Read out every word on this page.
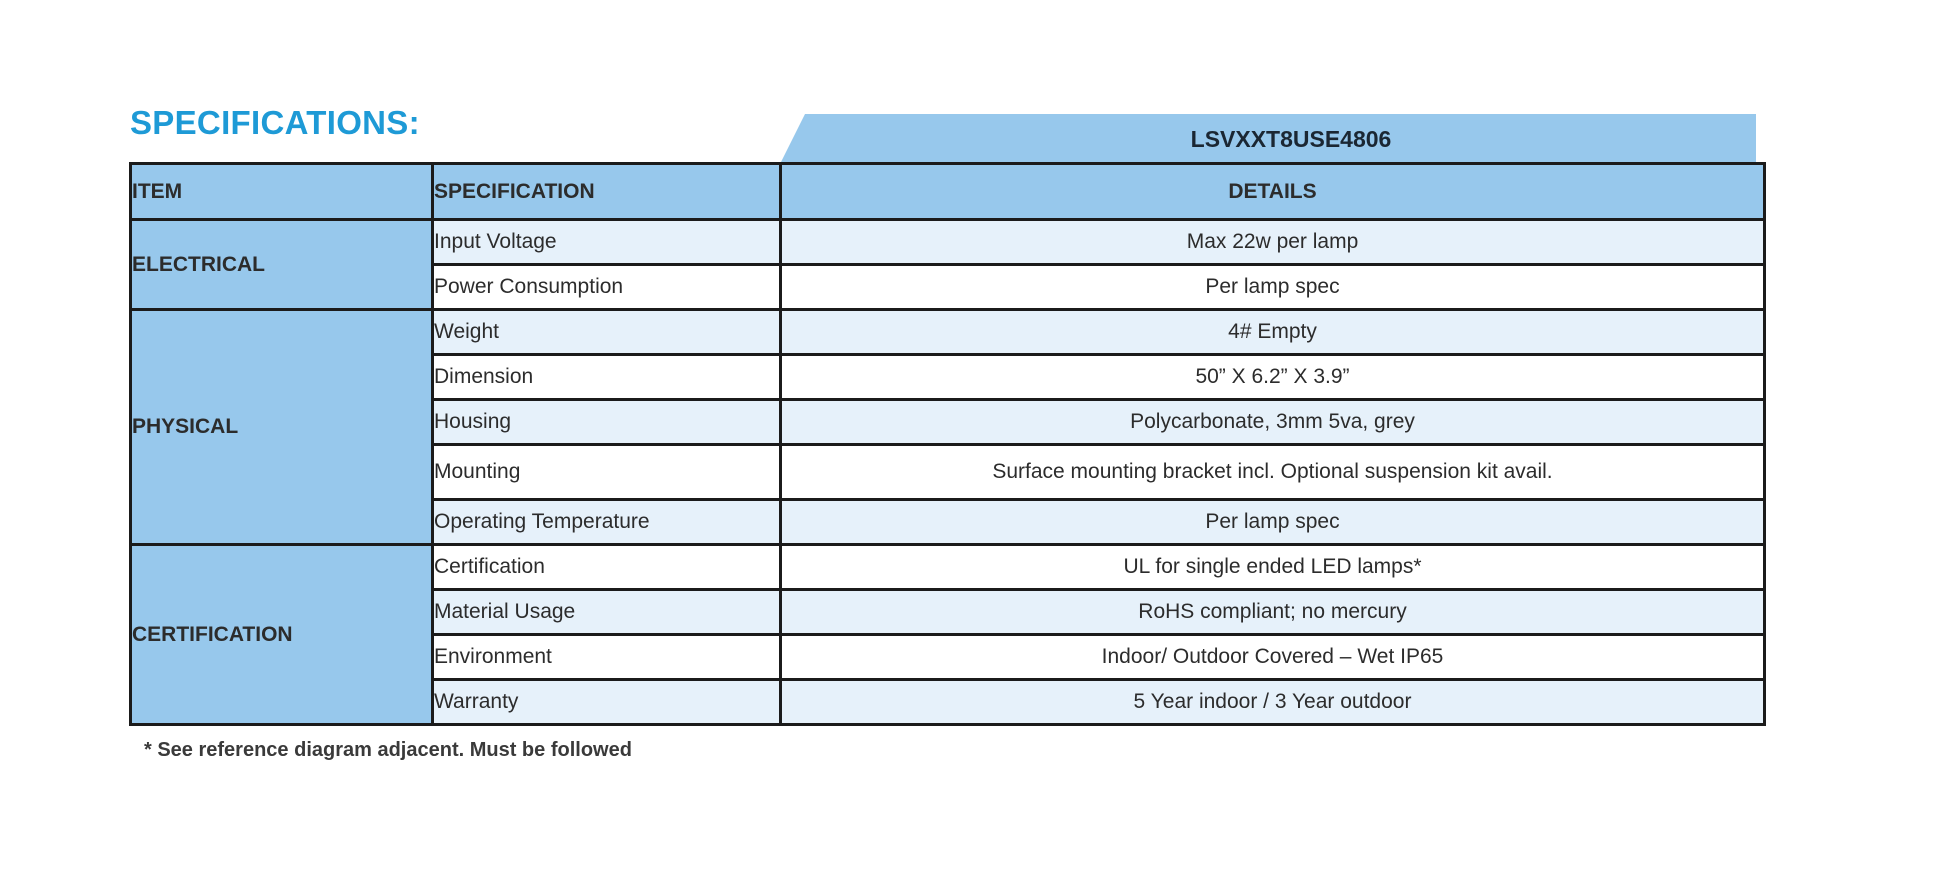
SPECIFICATIONS:	LSVXXT8USE4806
ITEM	SPECIFICATION	DETAILS
ELECTRICAL	Input Voltage	Max 22w per lamp
	Power Consumption	Per lamp spec
PHYSICAL	Weight	4# Empty
	Dimension	50” X 6.2” X 3.9”
	Housing	Polycarbonate, 3mm 5va, grey
	Mounting	Surface mounting bracket incl. Optional suspension kit avail.
	Operating Temperature	Per lamp spec
CERTIFICATION	Certification	UL for single ended LED lamps*
	Material Usage	RoHS compliant; no mercury
	Environment	Indoor/ Outdoor Covered – Wet IP65
	Warranty	5 Year indoor / 3 Year outdoor
* See reference diagram adjacent. Must be followed
